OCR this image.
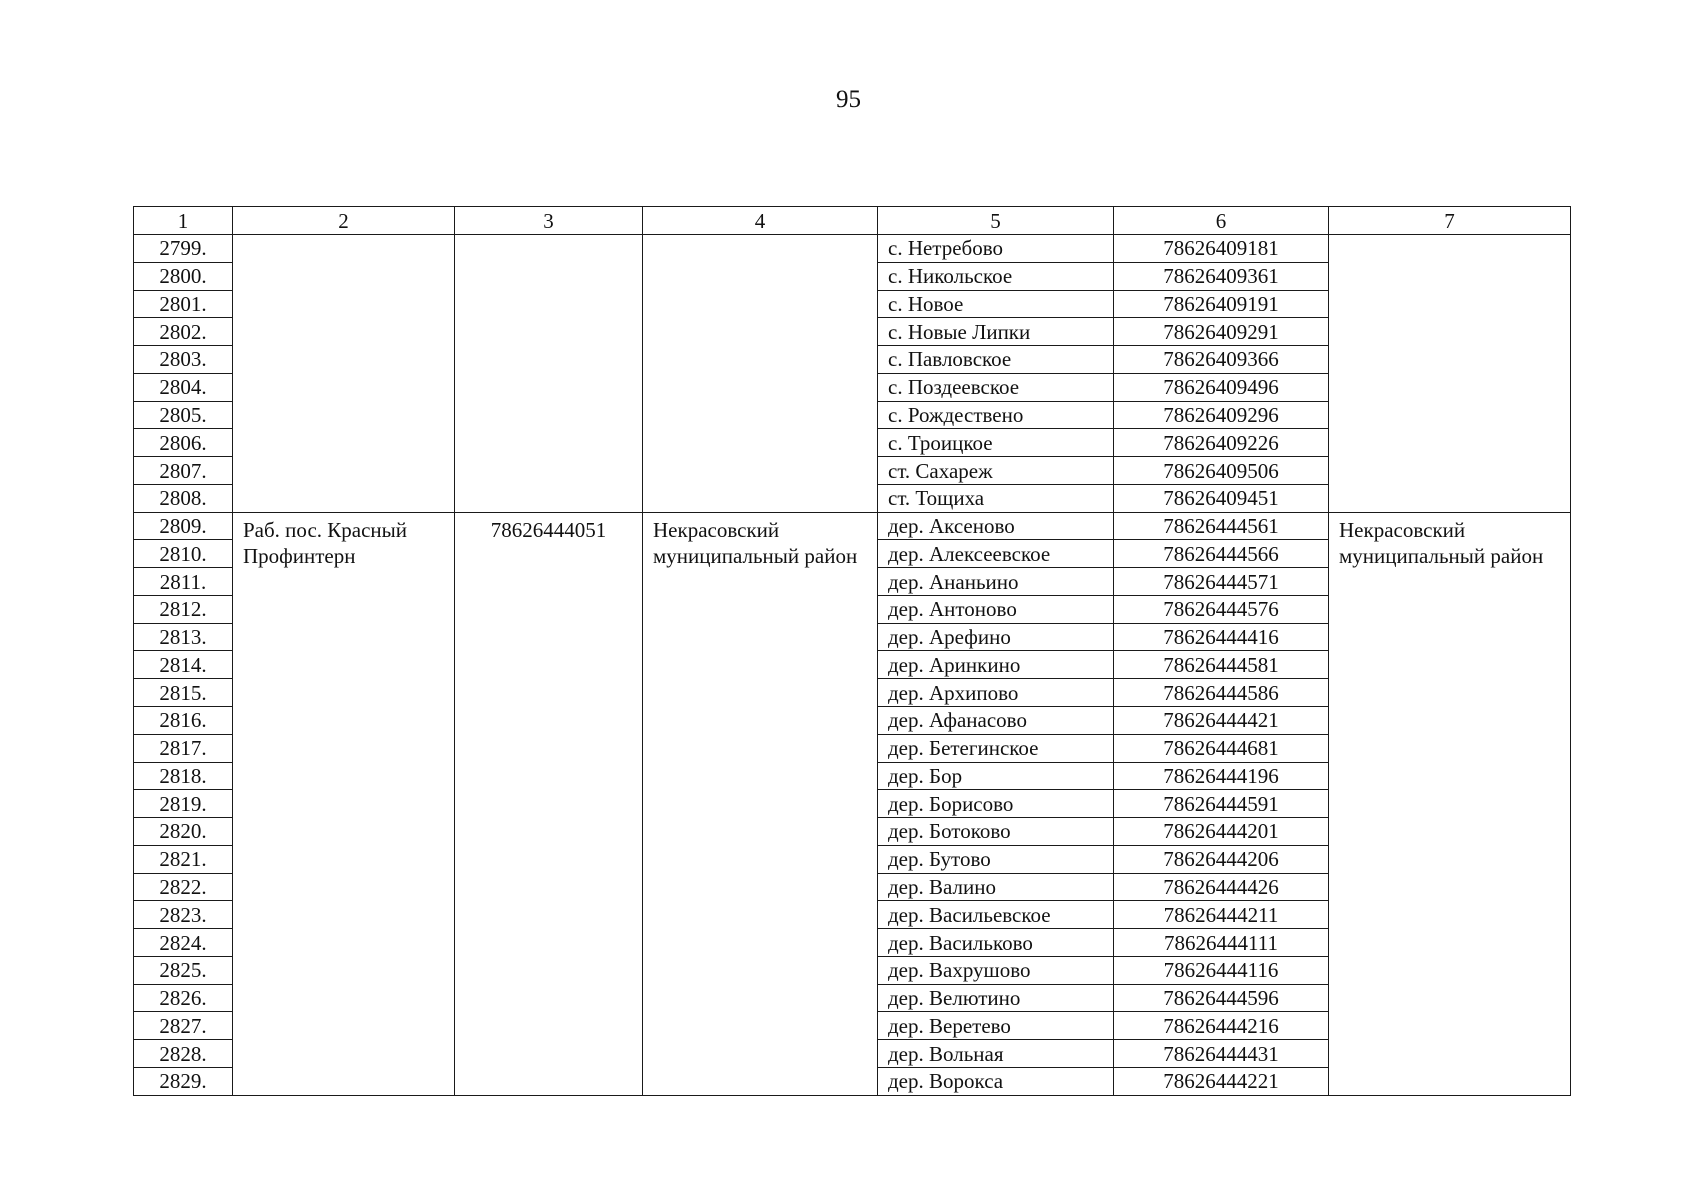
95
1	2	3	4	5	6	7
2799.				с. Нетребово	78626409181	
2800.				с. Никольское	78626409361	
2801.				с. Новое	78626409191	
2802.				с. Новые Липки	78626409291	
2803.				с. Павловское	78626409366	
2804.				с. Поздеевское	78626409496	
2805.				с. Рождествено	78626409296	
2806.				с. Троицкое	78626409226	
2807.				ст. Сахареж	78626409506	
2808.				ст. Тощиха	78626409451	
2809.	Раб. пос. Красный Профинтерн	78626444051	Некрасовский муниципальный район	дер. Аксеново	78626444561	Некрасовский муниципальный район
2810.				дер. Алексеевское	78626444566	
2811.				дер. Ананьино	78626444571	
2812.				дер. Антоново	78626444576	
2813.				дер. Арефино	78626444416	
2814.				дер. Аринкино	78626444581	
2815.				дер. Архипово	78626444586	
2816.				дер. Афанасово	78626444421	
2817.				дер. Бетегинское	78626444681	
2818.				дер. Бор	78626444196	
2819.				дер. Борисово	78626444591	
2820.				дер. Ботоково	78626444201	
2821.				дер. Бутово	78626444206	
2822.				дер. Валино	78626444426	
2823.				дер. Васильевское	78626444211	
2824.				дер. Васильково	78626444111	
2825.				дер. Вахрушово	78626444116	
2826.				дер. Велютино	78626444596	
2827.				дер. Веретево	78626444216	
2828.				дер. Вольная	78626444431	
2829.				дер. Ворокса	78626444221	
